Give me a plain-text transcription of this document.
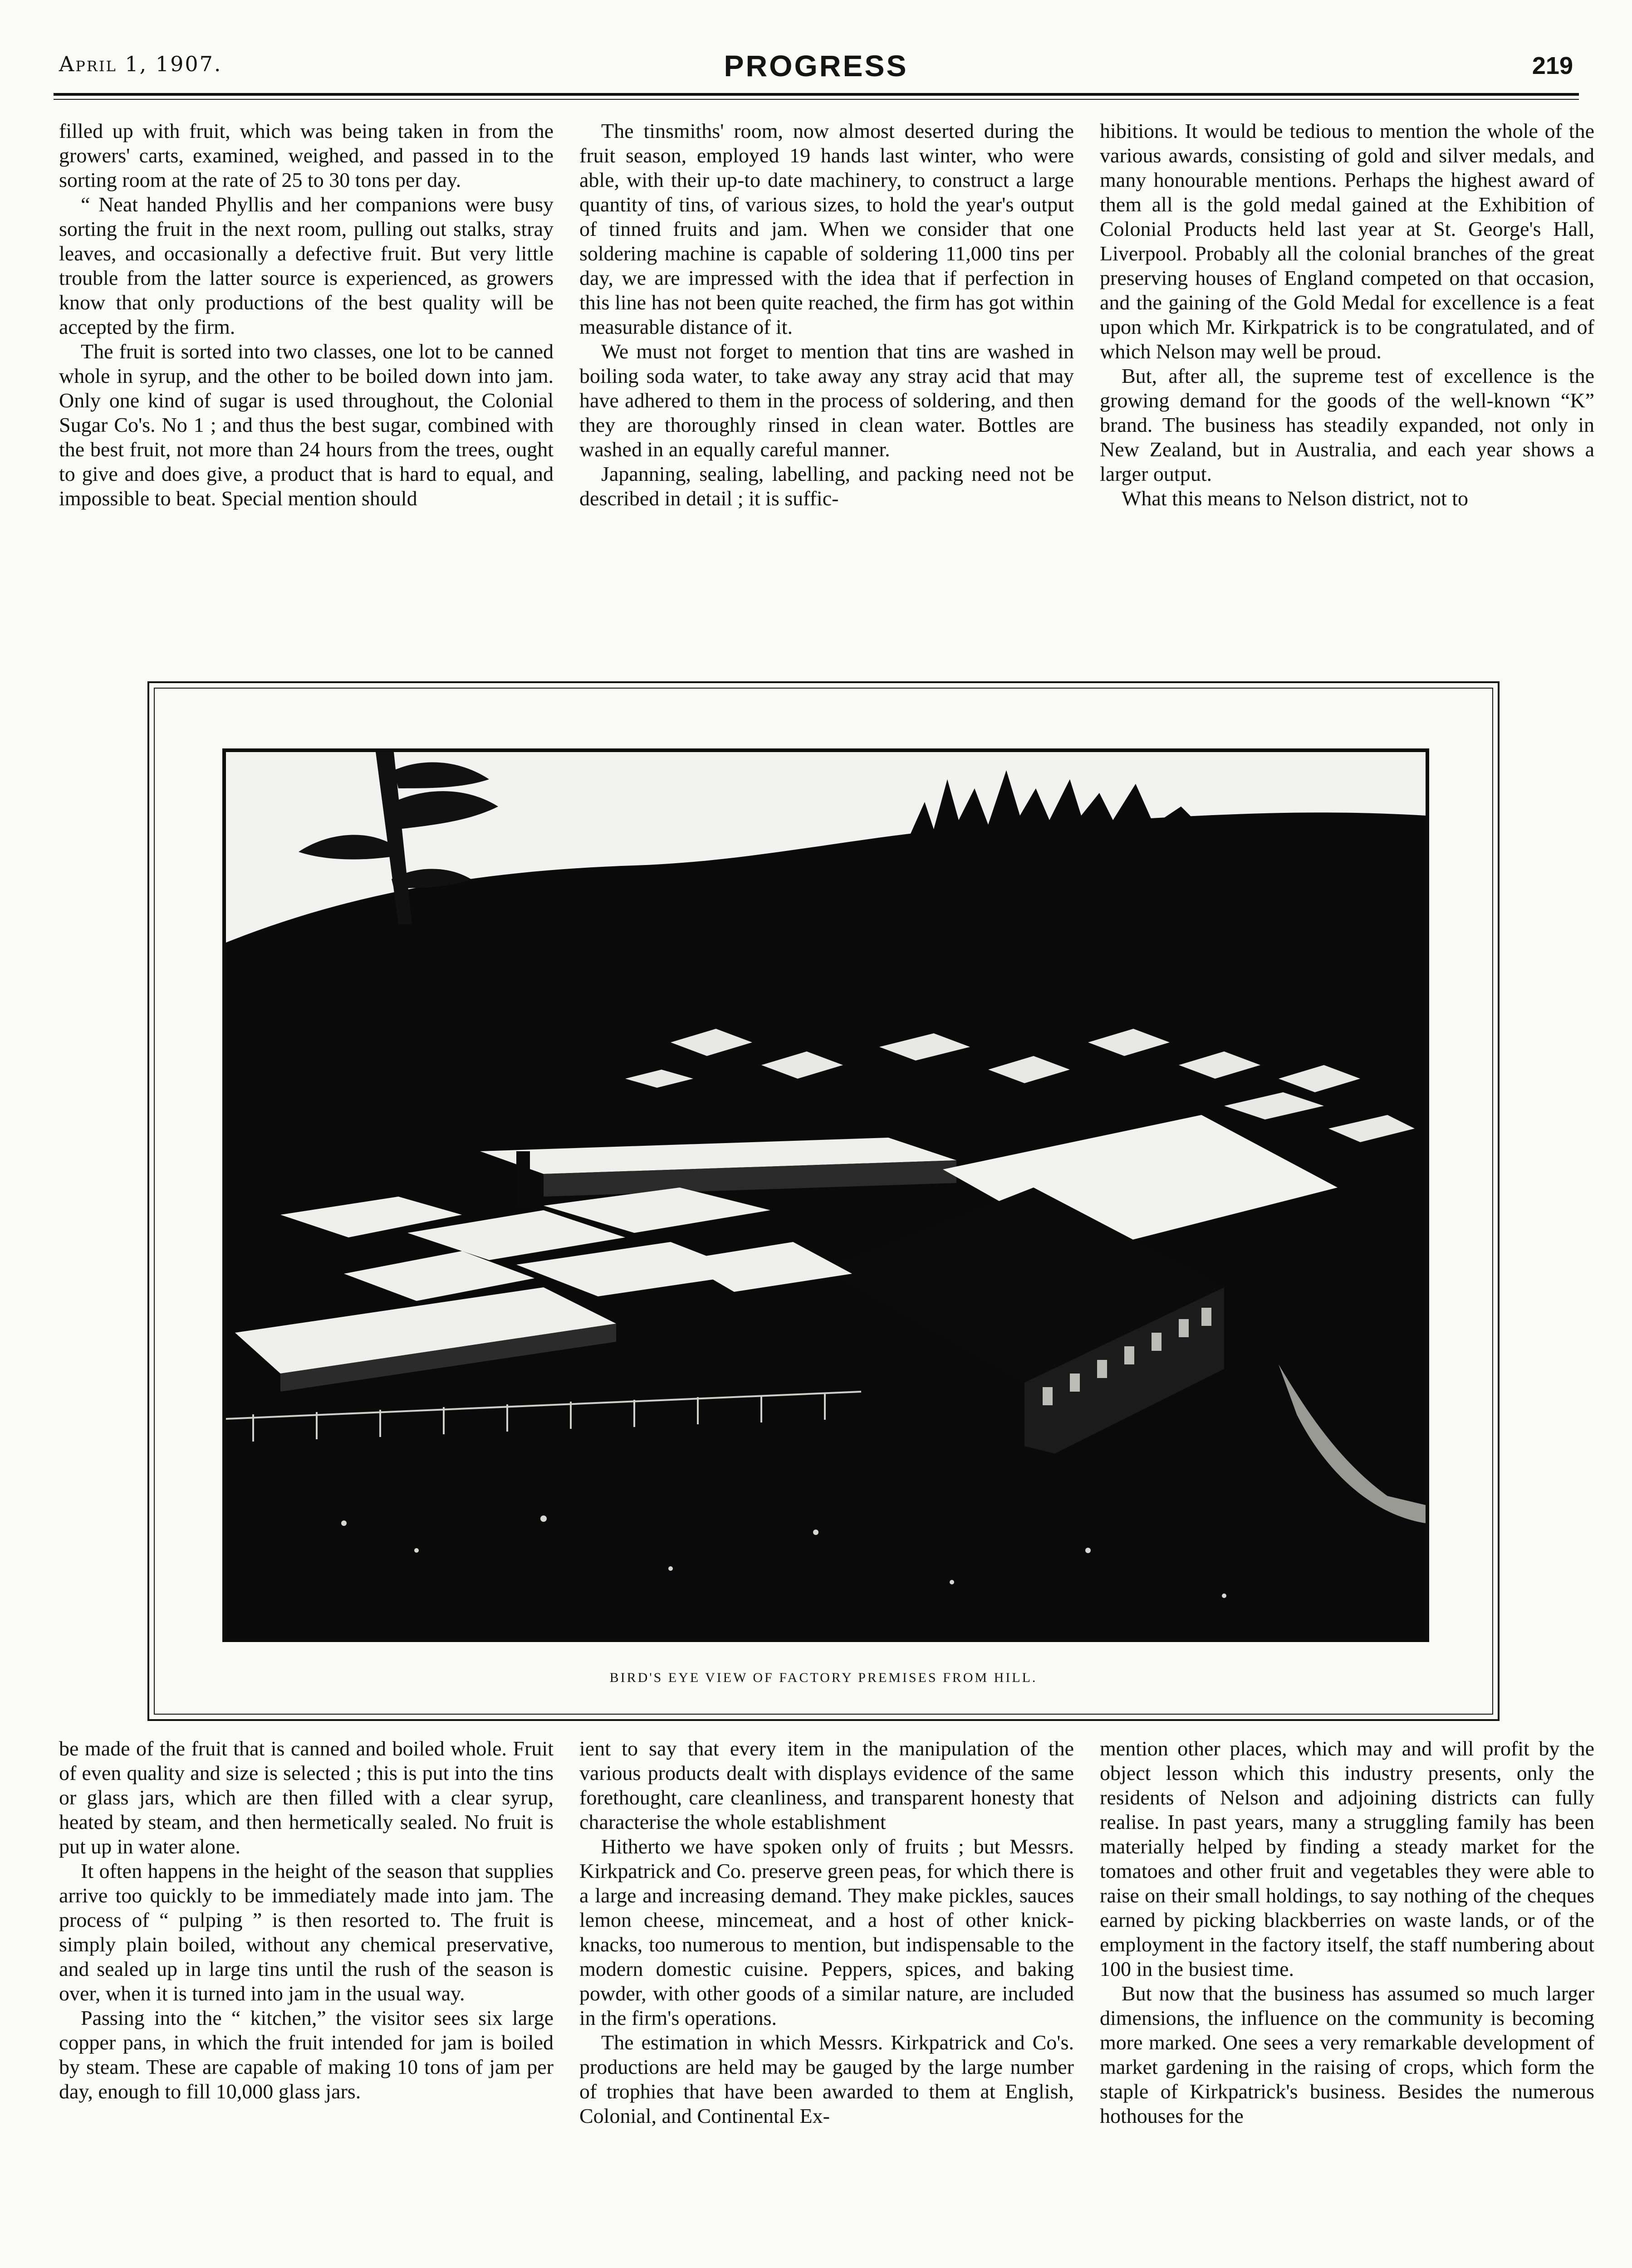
April 1, 1907.	PROGRESS	219

filled up with fruit, which was being taken in from the growers' carts, examined, weighed, and passed in to the sorting room at the rate of 25 to 30 tons per day.

“ Neat handed Phyllis and her companions were busy sorting the fruit in the next room, pulling out stalks, stray leaves, and occasionally a defective fruit. But very little trouble from the latter source is experienced, as growers know that only productions of the best quality will be accepted by the firm.

The fruit is sorted into two classes, one lot to be canned whole in syrup, and the other to be boiled down into jam. Only one kind of sugar is used throughout, the Colonial Sugar Co's. No 1 ; and thus the best sugar, combined with the best fruit, not more than 24 hours from the trees, ought to give and does give, a product that is hard to equal, and impossible to beat. Special mention should

The tinsmiths' room, now almost deserted during the fruit season, employed 19 hands last winter, who were able, with their up-to date machinery, to construct a large quantity of tins, of various sizes, to hold the year's output of tinned fruits and jam. When we consider that one soldering machine is capable of soldering 11,000 tins per day, we are impressed with the idea that if perfection in this line has not been quite reached, the firm has got within measurable distance of it.

We must not forget to mention that tins are washed in boiling soda water, to take away any stray acid that may have adhered to them in the process of soldering, and then they are thoroughly rinsed in clean water. Bottles are washed in an equally careful manner.

Japanning, sealing, labelling, and packing need not be described in detail ; it is suffic-

hibitions. It would be tedious to mention the whole of the various awards, consisting of gold and silver medals, and many honourable mentions. Perhaps the highest award of them all is the gold medal gained at the Exhibition of Colonial Products held last year at St. George's Hall, Liverpool. Probably all the colonial branches of the great preserving houses of England competed on that occasion, and the gaining of the Gold Medal for excellence is a feat upon which Mr. Kirkpatrick is to be congratulated, and of which Nelson may well be proud.

But, after all, the supreme test of excellence is the growing demand for the goods of the well-known “K” brand. The business has steadily expanded, not only in New Zealand, but in Australia, and each year shows a larger output.

What this means to Nelson district, not to

BIRD'S EYE VIEW OF FACTORY PREMISES FROM HILL.

be made of the fruit that is canned and boiled whole. Fruit of even quality and size is selected ; this is put into the tins or glass jars, which are then filled with a clear syrup, heated by steam, and then hermetically sealed. No fruit is put up in water alone.

It often happens in the height of the season that supplies arrive too quickly to be immediately made into jam. The process of “ pulping ” is then resorted to. The fruit is simply plain boiled, without any chemical preservative, and sealed up in large tins until the rush of the season is over, when it is turned into jam in the usual way.

Passing into the “ kitchen,” the visitor sees six large copper pans, in which the fruit intended for jam is boiled by steam. These are capable of making 10 tons of jam per day, enough to fill 10,000 glass jars.

ient to say that every item in the manipulation of the various products dealt with displays evidence of the same forethought, care cleanliness, and transparent honesty that characterise the whole establishment

Hitherto we have spoken only of fruits ; but Messrs. Kirkpatrick and Co. preserve green peas, for which there is a large and increasing demand. They make pickles, sauces lemon cheese, mincemeat, and a host of other knick-knacks, too numerous to mention, but indispensable to the modern domestic cuisine. Peppers, spices, and baking powder, with other goods of a similar nature, are included in the firm's operations.

The estimation in which Messrs. Kirkpatrick and Co's. productions are held may be gauged by the large number of trophies that have been awarded to them at English, Colonial, and Continental Ex-

mention other places, which may and will profit by the object lesson which this industry presents, only the residents of Nelson and adjoining districts can fully realise. In past years, many a struggling family has been materially helped by finding a steady market for the tomatoes and other fruit and vegetables they were able to raise on their small holdings, to say nothing of the cheques earned by picking blackberries on waste lands, or of the employment in the factory itself, the staff numbering about 100 in the busiest time.

But now that the business has assumed so much larger dimensions, the influence on the community is becoming more marked. One sees a very remarkable development of market gardening in the raising of crops, which form the staple of Kirkpatrick's business. Besides the numerous hothouses for the
